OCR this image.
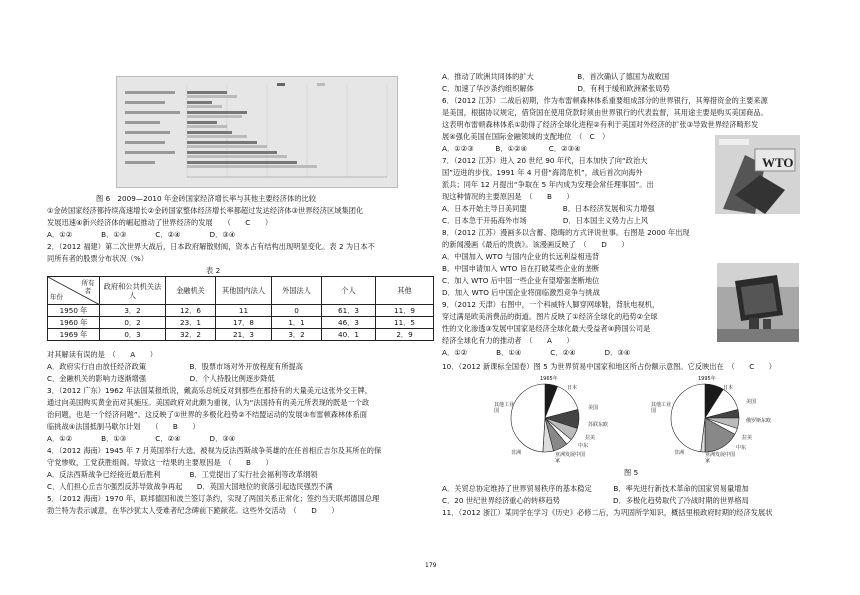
图 6　2009—2010 年金砖国家经济增长率与其他主要经济体的比较
①金砖国家经济都持续高速增长②金砖国家整体经济增长率都超过发达经济体③世界经济区域集团化
发展迅速④新兴经济体的崛起推动了世界经济的发展　　（　　C　　）
A．①②　　　　B．①③　　　　C．②④　　　　D．③④
2．（2012 福建）第二次世界大战后，日本政府解散财阀，资本占有结构出现明显变化。表 2 为日本不
同所有者的股票分布状况（%）
表 2
所有者
年份	政府和公共机关法人	金融机关	其他国内法人	外国法人	个人	其他
1950 年	3．2	12．6	11	0	61．3	11．9
1960 年	0．2	23．1	17．8	1．1	46．3	11．5
1969 年	0．3	32．2	21．3	3．2	40．1	2．9
对其解读有误的是　（　　A　　）
A．政府实行自由放任经济政策　　　　　　B．股票市场对外开放程度有所提高
C．金融机关的影响力逐渐增强　　　　　　D．个人持股比例逐步降低
3．（2012 广东）1962 年法国某报纸说，戴高乐总统反对到那些在那持有的大量美元这张外交王牌，
通过向美国购买黄金而对其施压。美国政府对此颇为重视，认为“法国持有的美元所表现的既是一个政
治问题，也是一个经济问题”。这反映了①世界的多极化趋势②不结盟运动的发展③布雷顿森林体系面
临挑战④法国抵制马歇尔计划　　（　　B　　）
A．①②　　　　B．①③　　　　C．②④　　　　D．③④
4．（2012 海南）1945 年 7 月英国举行大选，被视为反法西斯战争英雄的在任首相丘吉尔及其所在的保
守党惨败，工党获胜组阁。导致这一结果的主要原因是　（　　B　　）
A．反法西斯战争已经接近最后胜利　　　　B．工党提出了实行社会福利等改革纲领
C．人们担心丘吉尔强烈反苏导致战争再起　　D．英国大国地位的衰落引起选民强烈不满
5．（2012 海南）1970 年，联邦德国和波兰签订条约，实现了两国关系正常化；签约当天联邦德国总理
勃兰特为表示诚意，在华沙犹太人受难者纪念碑前下跪献花。这些外交活动　（　　D　　）
A．推动了欧洲共同体的扩大　　　　　　B．首次确认了德国为战败国
C．加速了华沙条约组织解体　　　　　　D．有利于缓和欧洲紧张局势
6．（2012 江苏）二战后初期，作为布雷顿森林体系重要组成部分的世界银行，其筹措资金的主要来源
是美国，根据协议规定，借贷国在使用贷款时须由世界银行的代表监督，其用途主要是购买美国商品。
这表明布雷顿森林体系①助得了经济全球化进程②有利于美国对外经济的扩张③导致世界经济畸形发
展④强化美国在国际金融领域的支配地位　（　C　）
A．①②③　　　B．①②④　　　C．②③④
7．（2012 江苏）进入 20 世纪 90 年代，日本加快了向“政治大
国”迈进的步伐。1991 年 4 月借“海湾危机”，战后首次向海外
派兵；同年 12 月提出“争取在 5 年内成为安理会常任理事国”。出
现这种情况的主要原因是　（　　B　　）
A．日本开始主导日美同盟　　　　　B．日本经济发展和实力增强
C．日本急于开拓海外市场　　　　　D．日本国主义势力占上风
8．（2012 江苏）漫画多以含蓄、隐晦的方式评说世事。右图是 2000 年出现
的新闻漫画《最后的贵族》。该漫画反映了　（　　D　　）
A．中国加入 WTO 与国内企业的长远利益相违背
B．中国申请加入 WTO 旨在打破某些企业的垄断
C．加入 WTO 后中国一些企业有望增强垄断地位
D．加入 WTO 后中国企业将面临激烈竞争与挑战
9．（2012 天津）右图中，一个科威特人脚穿网球鞋，背驮电视机，
穿过满是欧美消费品的街道。图片反映了①经济全球化的趋势②全球
性的文化渗透③发展中国家是经济全球化最大受益者④跨国公司是
经济全球化有力的推动者　（　　A　　）
A．①②　　　　B．①④　　　　C．②④　　　　D．③④
10．（2012 新课标全国卷）图 5 为世界贸易中国家和地区所占份额示意图。它反映出在　（　　C　　）
图 5
A．关贸总协定维持了世界贸易秩序的基本稳定　　　B．率先进行新技术革命的国家贸易量增加
C．20 世纪世界经济重心的转移趋势　　　　　　　 D．多极化趋势取代了冷战时期的世界格局
11．（2012 浙江）某同学在学习《历史》必修二后，为巩固所学知识，概括里根政府时期的经济发展状
WTO
1965年	1995年
日本
美国
苏联东欧
拉美
中东
亚洲发展中国家
非洲
其他工业国
日本
美国
俄罗斯东欧
拉美
中东
亚洲发展中国家
非洲
其他工业国
179
